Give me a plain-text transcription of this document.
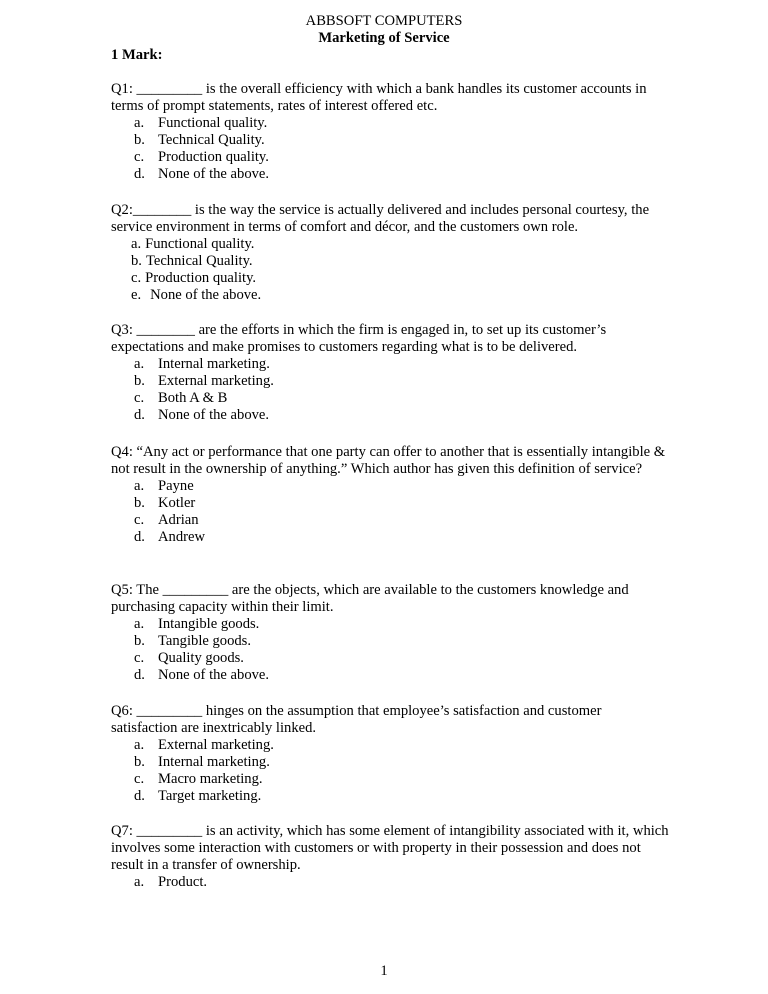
ABBSOFT COMPUTERS
Marketing of Service
1 Mark:

Q1: _________ is the overall efficiency with which a bank handles its customer accounts in terms of prompt statements, rates of interest offered etc.

a. Functional quality.
b. Technical Quality.
c. Production quality.
d. None of the above.

Q2:________ is the way the service is actually delivered and includes personal courtesy, the service environment in terms of comfort and décor, and the customers own role.

a. Functional quality.
b. Technical Quality.
c. Production quality.
e. None of the above.

Q3: ________ are the efforts in which the firm is engaged in, to set up its customer’s expectations and make promises to customers regarding what is to be delivered.

a. Internal marketing.
b. External marketing.
c. Both A & B
d. None of the above.

Q4: “Any act or performance that one party can offer to another that is essentially intangible & not result in the ownership of anything.” Which author has given this definition of service?

a. Payne
b. Kotler
c. Adrian
d. Andrew

Q5: The _________ are the objects, which are available to the customers knowledge and purchasing capacity within their limit.

a. Intangible goods.
b. Tangible goods.
c. Quality goods.
d. None of the above.

Q6: _________ hinges on the assumption that employee’s satisfaction and customer satisfaction are inextricably linked.

a. External marketing.
b. Internal marketing.
c. Macro marketing.
d. Target marketing.

Q7: _________ is an activity, which has some element of intangibility associated with it, which involves some interaction with customers or with property in their possession and does not result in a transfer of ownership.

a. Product.
1
